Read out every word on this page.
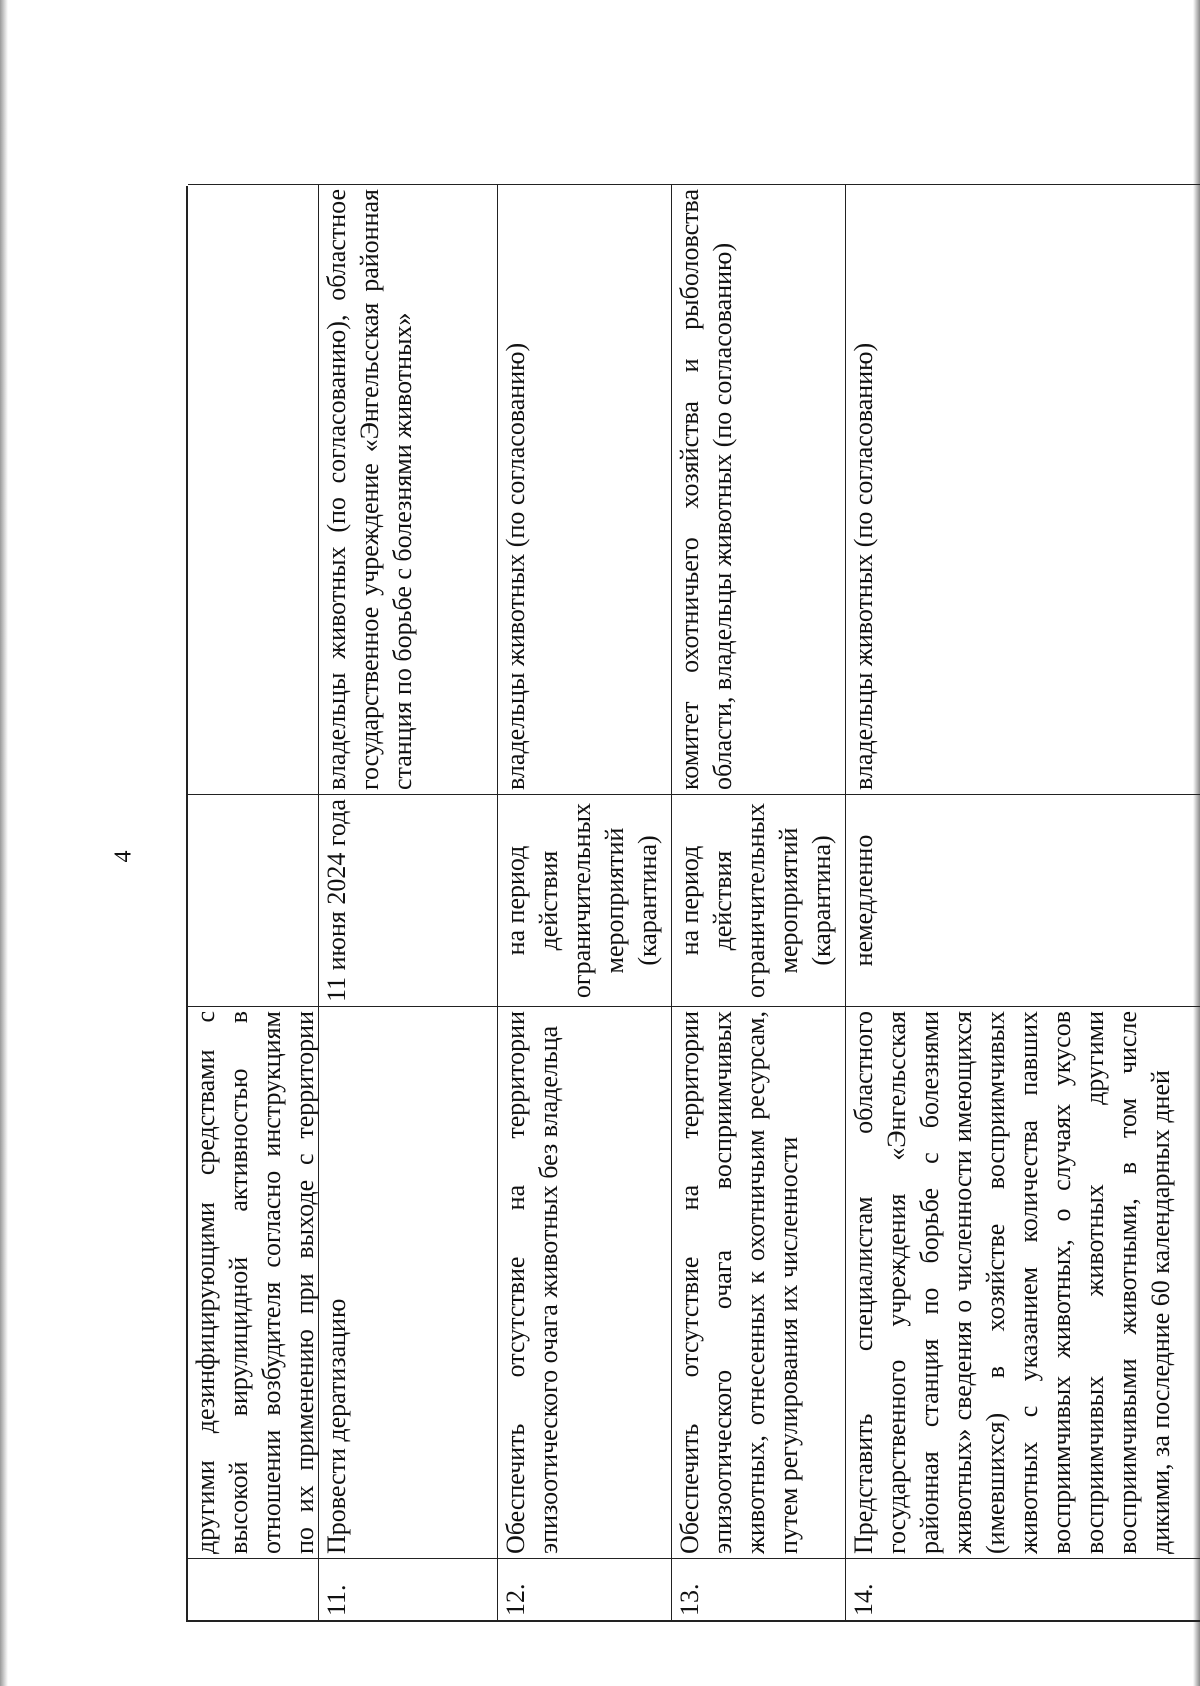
4
другими дезинфицирующими средствами с высокой вирулицидной активностью в отношении возбудителя согласно инструкциям по их применению при выходе с территории
11.
Провести дератизацию
11 июня 2024 года
владельцы животных (по согласованию), областное государственное учреждение «Энгельсская районная станция по борьбе с болезнями животных»
12.
Обеспечить отсутствие на территории эпизоотического очага животных без владельца
на период действия ограничительных мероприятий (карантина)
владельцы животных (по согласованию)
13.
Обеспечить отсутствие на территории эпизоотического очага восприимчивых животных, отнесенных к охотничьим ресурсам, путем регулирования их численности
на период действия ограничительных мероприятий (карантина)
комитет охотничьего хозяйства и рыболовства области, владельцы животных (по согласованию)
14.
Представить специалистам областного государственного учреждения «Энгельсская районная станция по борьбе с болезнями животных» сведения о численности имеющихся (имевшихся) в хозяйстве восприимчивых животных с указанием количества павших восприимчивых животных, о случаях укусов восприимчивых животных другими восприимчивыми животными, в том числе дикими, за последние 60 календарных дней
немедленно
владельцы животных (по согласованию)
